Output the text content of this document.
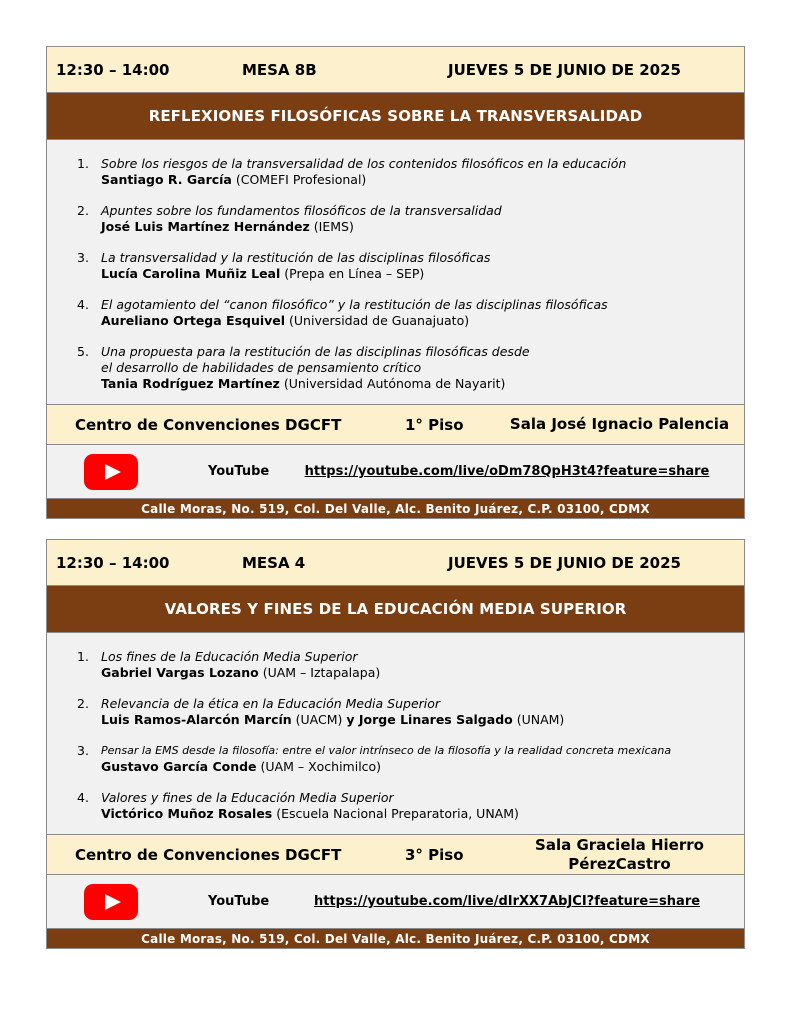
12:30 – 14:00	MESA 8B	JUEVES 5 DE JUNIO DE 2025
REFLEXIONES FILOSÓFICAS SOBRE LA TRANSVERSALIDAD
1. Sobre los riesgos de la transversalidad de los contenidos filosóficos en la educación
Santiago R. García (COMEFI Profesional)
2. Apuntes sobre los fundamentos filosóficos de la transversalidad
José Luis Martínez Hernández (IEMS)
3. La transversalidad y la restitución de las disciplinas filosóficas
Lucía Carolina Muñiz Leal (Prepa en Línea – SEP)
4. El agotamiento del “canon filosófico” y la restitución de las disciplinas filosóficas
Aureliano Ortega Esquivel (Universidad de Guanajuato)
5. Una propuesta para la restitución de las disciplinas filosóficas desde
el desarrollo de habilidades de pensamiento crítico
Tania Rodríguez Martínez (Universidad Autónoma de Nayarit)
Centro de Convenciones DGCFT	1° Piso	Sala José Ignacio Palencia
YouTube	https://youtube.com/live/oDm78QpH3t4?feature=share
Calle Moras, No. 519, Col. Del Valle, Alc. Benito Juárez, C.P. 03100, CDMX
12:30 – 14:00	MESA 4	JUEVES 5 DE JUNIO DE 2025
VALORES Y FINES DE LA EDUCACIÓN MEDIA SUPERIOR
1. Los fines de la Educación Media Superior
Gabriel Vargas Lozano (UAM – Iztapalapa)
2. Relevancia de la ética en la Educación Media Superior
Luis Ramos-Alarcón Marcín (UACM) y Jorge Linares Salgado (UNAM)
3.	Pensar la EMS desde la filosofía: entre el valor intrínseco de la filosofía y la realidad concreta mexicana
Gustavo García Conde (UAM – Xochimilco)
4. Valores y fines de la Educación Media Superior
Victórico Muñoz Rosales (Escuela Nacional Preparatoria, UNAM)
Centro de Convenciones DGCFT	3° Piso
Sala Graciela Hierro
PérezCastro
YouTube	https://youtube.com/live/dIrXX7AbJCI?feature=share
Calle Moras, No. 519, Col. Del Valle, Alc. Benito Juárez, C.P. 03100, CDMX
